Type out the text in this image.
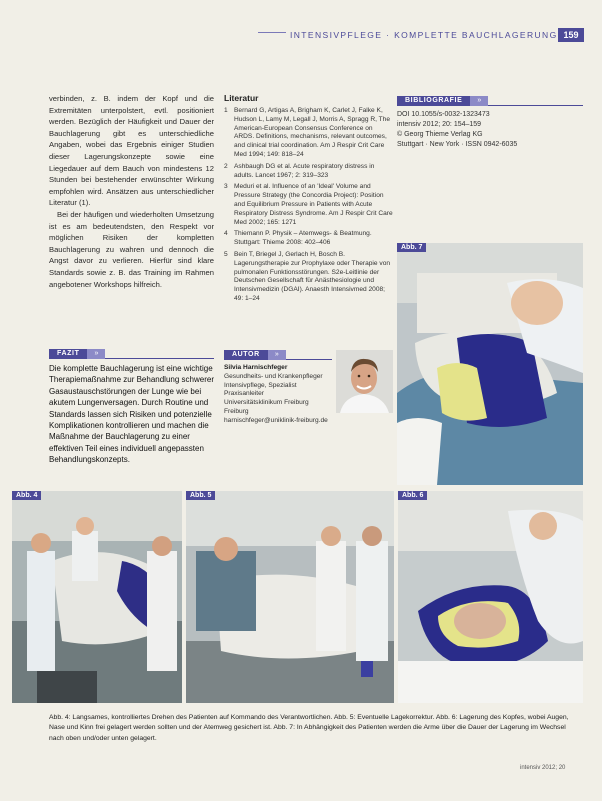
INTENSIVPFLEGE · KOMPLETTE BAUCHLAGERUNG 159

verbinden, z. B. indem der Kopf und die Extremitäten unterpolstert, evtl. positioniert werden. Bezüglich der Häufigkeit und Dauer der Bauchlagerung gibt es unterschiedliche Angaben, wobei das Ergebnis einiger Studien dieser Lagerungskonzepte sowie eine Liegedauer auf dem Bauch von mindestens 12 Stunden bei bestehender erwünschter Wirkung empfohlen wird. Ansätzen aus unterschiedlicher Literatur (1).

Bei der häufigen und wiederholten Umsetzung ist es am bedeutendsten, den Respekt vor möglichen Risiken der kompletten Bauchlagerung zu wahren und dennoch die Angst davor zu verlieren. Hierfür sind klare Standards sowie z. B. das Training im Rahmen angebotener Workshops hilfreich.

FAZIT	»
Die komplette Bauchlagerung ist eine wichtige Therapiemaßnahme zur Behandlung schwerer Gasaustauschstörungen der Lunge wie bei akutem Lungenversagen. Durch Routine und Standards lassen sich Risiken und potenzielle Komplikationen kontrollieren und machen die Maßnahme der Bauchlagerung zu einer effektiven Teil eines individuell angepassten Behandlungskonzepts.
Literatur
1 Bernard G, Artigas A, Brigham K, Carlet J, Falke K, Hudson L, Lamy M, Legall J, Morris A, Spragg R, The American-European Consensus Conference on ARDS. Definitions, mechanisms, relevant outcomes, and clinical trial coordination. Am J Respir Crit Care Med 1994; 149: 818–24
2 Ashbaugh DG et al. Acute respiratory distress in adults. Lancet 1967; 2: 319–323
3 Meduri et al. Influence of an 'Ideal' Volume and Pressure Strategy (the Concordia Project): Position and Equilibrium Pressure in Patients with Acute Respiratory Distress Syndrome. Am J Respir Crit Care Med 2002; 165: 1271
4 Thiemann P. Physik – Atemwegs- & Beatmung. Stuttgart: Thieme 2008: 402–406
5 Bein T, Briegel J, Gerlach H, Bosch B. Lagerungstherapie zur Prophylaxe oder Therapie von pulmonalen Funktionsstörungen. S2e-Leitlinie der Deutschen Gesellschaft für Anästhesiologie und Intensivmedizin (DGAI). Anaesth Intensivmed 2008; 49: 1–24
AUTOR	»
Silvia Harnischfeger
Gesundheits- und Krankenpfleger
Intensivpflege, Spezialist
Praxisanleiter
Universitätsklinikum Freiburg
Freiburg
harnischfeger@uniklinik-freiburg.de
BIBLIOGRAFIE	»
DOI 10.1055/s-0032-1323473
intensiv 2012; 20: 154–159
© Georg Thieme Verlag KG
Stuttgart · New York · ISSN 0942-6035
Abb. 7
Abb. 4	Abb. 5	Abb. 6
Abb. 4: Langsames, kontrolliertes Drehen des Patienten auf Kommando des Verantwortlichen. Abb. 5: Eventuelle Lagekorrektur. Abb. 6: Lagerung des Kopfes, wobei Augen, Nase und Kinn frei gelagert werden sollten und der Atemweg gesichert ist. Abb. 7: In Abhängigkeit des Patienten werden die Arme über die Dauer der Lagerung im Wechsel nach oben und/oder unten gelagert.
intensiv 2012; 20
